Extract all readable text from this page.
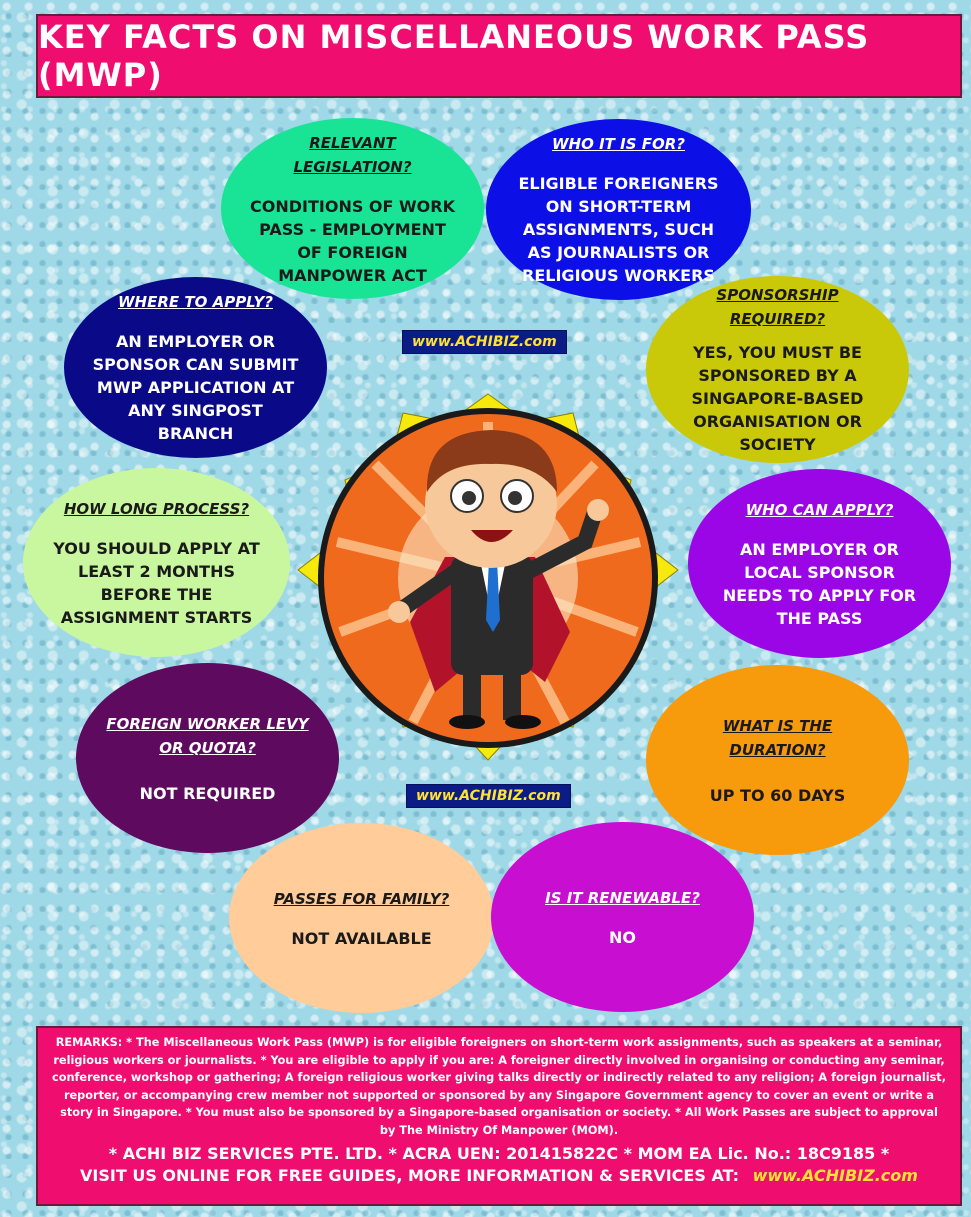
KEY FACTS ON MISCELLANEOUS WORK PASS (MWP)
RELEVANT LEGISLATION?
CONDITIONS OF WORK PASS - EMPLOYMENT OF FOREIGN MANPOWER ACT
WHO IT IS FOR?
ELIGIBLE FOREIGNERS ON SHORT-TERM ASSIGNMENTS, SUCH AS JOURNALISTS OR RELIGIOUS WORKERS
WHERE TO APPLY?
AN EMPLOYER OR SPONSOR CAN SUBMIT MWP APPLICATION AT ANY SINGPOST BRANCH
SPONSORSHIP REQUIRED?
YES, YOU MUST BE SPONSORED BY A SINGAPORE-BASED ORGANISATION OR SOCIETY
HOW LONG PROCESS?
YOU SHOULD APPLY AT LEAST 2 MONTHS BEFORE THE ASSIGNMENT STARTS
WHO CAN APPLY?
AN EMPLOYER OR LOCAL SPONSOR NEEDS TO APPLY FOR THE PASS
FOREIGN WORKER LEVY OR QUOTA?
NOT REQUIRED
WHAT IS THE DURATION?
UP TO 60 DAYS
PASSES FOR FAMILY?
NOT AVAILABLE
IS IT RENEWABLE?
NO
www.ACHIBIZ.com
www.ACHIBIZ.com
REMARKS: * The Miscellaneous Work Pass (MWP) is for eligible foreigners on short-term work assignments, such as speakers at a seminar, religious workers or journalists. * You are eligible to apply if you are: A foreigner directly involved in organising or conducting any seminar, conference, workshop or gathering; A foreign religious worker giving talks directly or indirectly related to any religion; A foreign journalist, reporter, or accompanying crew member not supported or sponsored by any Singapore Government agency to cover an event or write a story in Singapore. * You must also be sponsored by a Singapore-based organisation or society. * All Work Passes are subject to approval by The Ministry Of Manpower (MOM).
* ACHI BIZ SERVICES PTE. LTD. * ACRA UEN: 201415822C * MOM EA Lic. No.: 18C9185 *
VISIT US ONLINE FOR FREE GUIDES, MORE INFORMATION & SERVICES AT: www.ACHIBIZ.com
